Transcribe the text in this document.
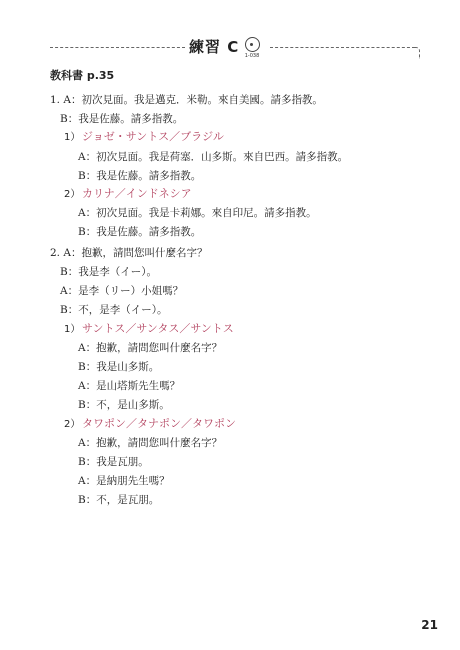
練習 C	1-038
教科書 p.35
1. A：初次見面。我是邁克．米勒。來自美國。請多指教。
B：我是佐藤。請多指教。
1） ジョゼ・サントス／ブラジル
A：初次見面。我是荷塞．山多斯。來自巴西。請多指教。
B：我是佐藤。請多指教。
2） カリナ／インドネシア
A：初次見面。我是卡莉娜。來自印尼。請多指教。
B：我是佐藤。請多指教。
2. A：抱歉，請問您叫什麼名字？
B：我是李（イー）。
A：是李（リー）小姐嗎？
B：不，是李（イー）。
1） サントス／サンタス／サントス
A：抱歉，請問您叫什麼名字？
B：我是山多斯。
A：是山塔斯先生嗎？
B：不，是山多斯。
2） タワポン／タナポン／タワポン
A：抱歉，請問您叫什麼名字？
B：我是瓦朋。
A：是納朋先生嗎？
B：不，是瓦朋。
21
